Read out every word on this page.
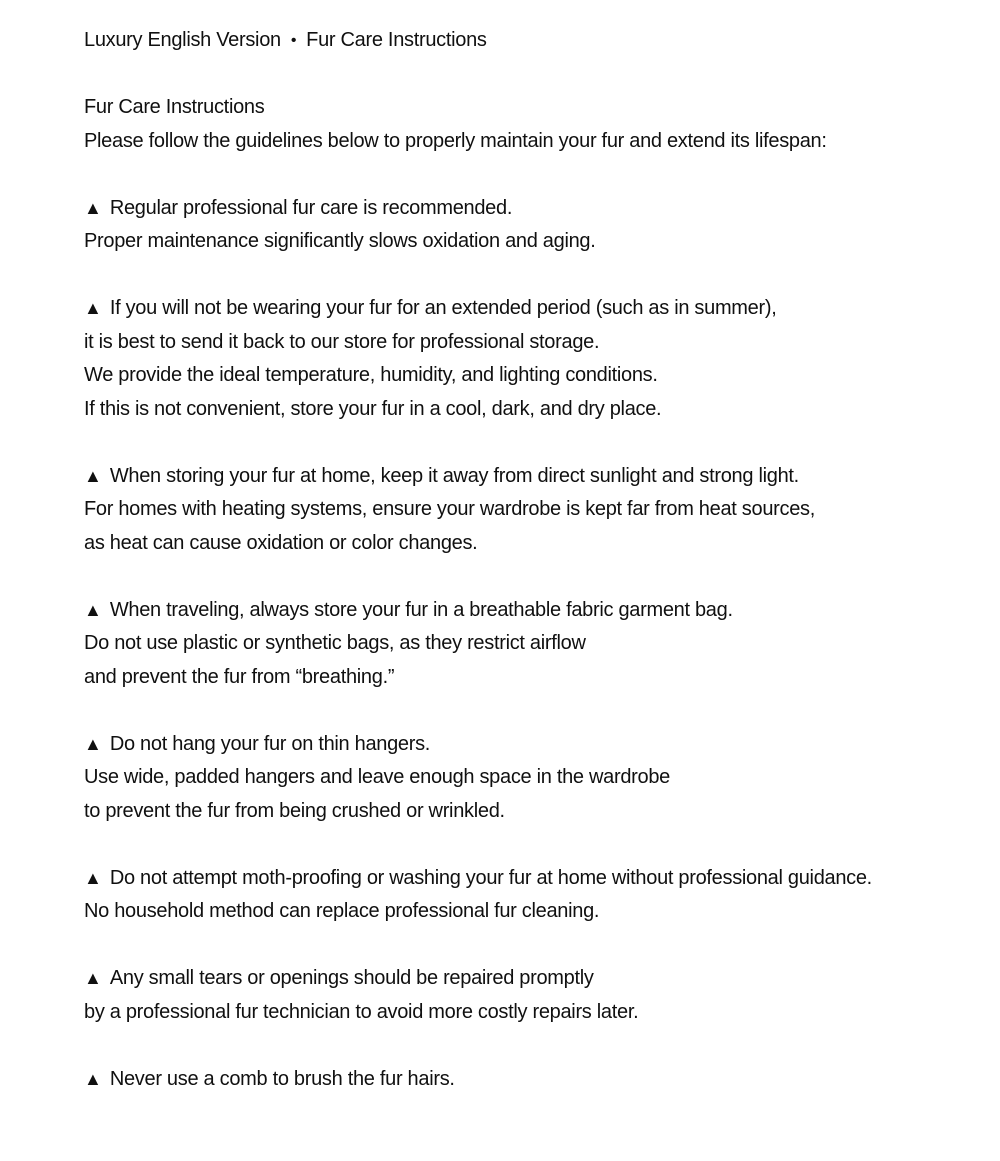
Luxury English Version • Fur Care Instructions
Fur Care Instructions
Please follow the guidelines below to properly maintain your fur and extend its lifespan:
▲ Regular professional fur care is recommended.
Proper maintenance significantly slows oxidation and aging.
▲ If you will not be wearing your fur for an extended period (such as in summer),
it is best to send it back to our store for professional storage.
We provide the ideal temperature, humidity, and lighting conditions.
If this is not convenient, store your fur in a cool, dark, and dry place.
▲ When storing your fur at home, keep it away from direct sunlight and strong light.
For homes with heating systems, ensure your wardrobe is kept far from heat sources,
as heat can cause oxidation or color changes.
▲ When traveling, always store your fur in a breathable fabric garment bag.
Do not use plastic or synthetic bags, as they restrict airflow
and prevent the fur from “breathing.”
▲ Do not hang your fur on thin hangers.
Use wide, padded hangers and leave enough space in the wardrobe
to prevent the fur from being crushed or wrinkled.
▲ Do not attempt moth-proofing or washing your fur at home without professional guidance.
No household method can replace professional fur cleaning.
▲ Any small tears or openings should be repaired promptly
by a professional fur technician to avoid more costly repairs later.
▲ Never use a comb to brush the fur hairs.
